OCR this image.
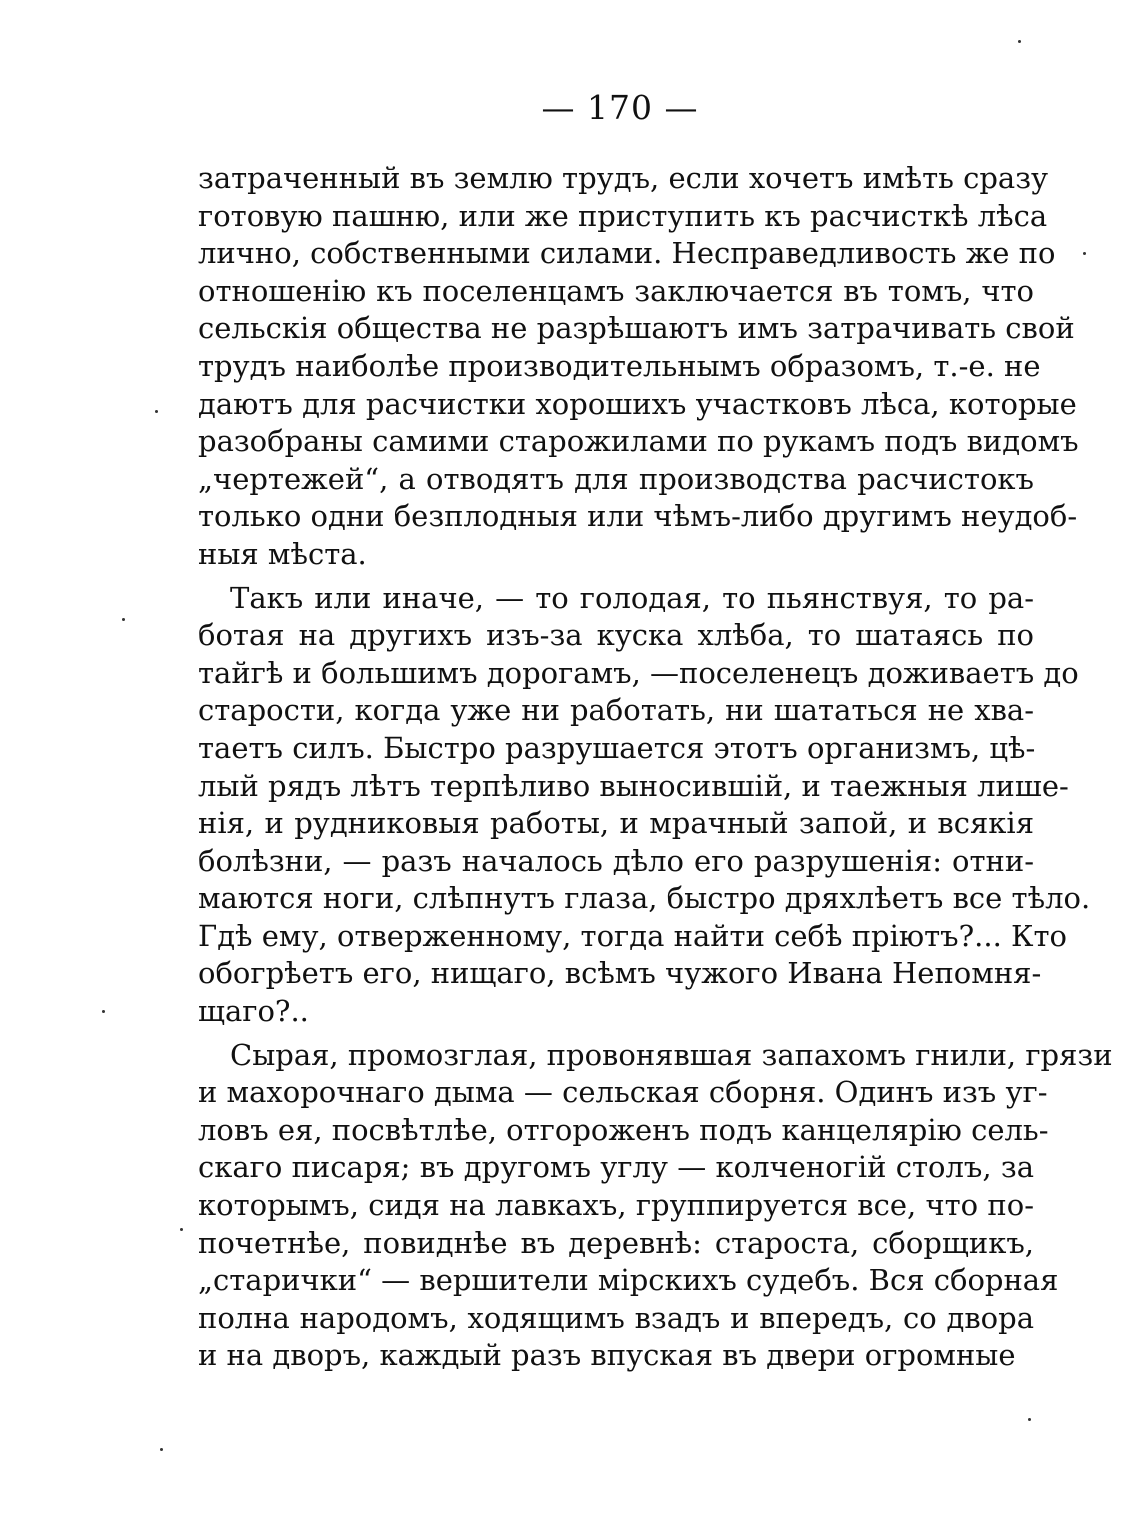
— 170 —
затраченный въ землю трудъ, если хочетъ имѣть сразу
готовую пашню, или же приступить къ расчисткѣ лѣса
лично, собственными силами. Несправедливость же по
отношенію къ поселенцамъ заключается въ томъ, что
сельскія общества не разрѣшаютъ имъ затрачивать свой
трудъ наиболѣе производительнымъ образомъ, т.-е. не
даютъ для расчистки хорошихъ участковъ лѣса, которые
разобраны самими старожилами по рукамъ подъ видомъ
„чертежей“, а отводятъ для производства расчистокъ
только одни безплодныя или чѣмъ-либо другимъ неудоб-
ныя мѣста.
Такъ или иначе, — то голодая, то пьянствуя, то ра-
ботая на другихъ изъ-за куска хлѣба, то шатаясь по
тайгѣ и большимъ дорогамъ, —поселенецъ доживаетъ до
старости, когда уже ни работать, ни шататься не хва-
таетъ силъ. Быстро разрушается этотъ организмъ, цѣ-
лый рядъ лѣтъ терпѣливо выносившій, и таежныя лише-
нія, и рудниковыя работы, и мрачный запой, и всякія
болѣзни, — разъ началось дѣло его разрушенія: отни-
маются ноги, слѣпнутъ глаза, быстро дряхлѣетъ все тѣло.
Гдѣ ему, отверженному, тогда найти себѣ пріютъ?... Кто
обогрѣетъ его, нищаго, всѣмъ чужого Ивана Непомня-
щаго?..
Сырая, промозглая, провонявшая запахомъ гнили, грязи
и махорочнаго дыма — сельская сборня. Одинъ изъ уг-
ловъ ея, посвѣтлѣе, отгороженъ подъ канцелярію сель-
скаго писаря; въ другомъ углу — колченогій столъ, за
которымъ, сидя на лавкахъ, группируется все, что по-
почетнѣе, повиднѣе въ деревнѣ: староста, сборщикъ,
„старички“ — вершители мірскихъ судебъ. Вся сборная
полна народомъ, ходящимъ взадъ и впередъ, со двора
и на дворъ, каждый разъ впуская въ двери огромные
